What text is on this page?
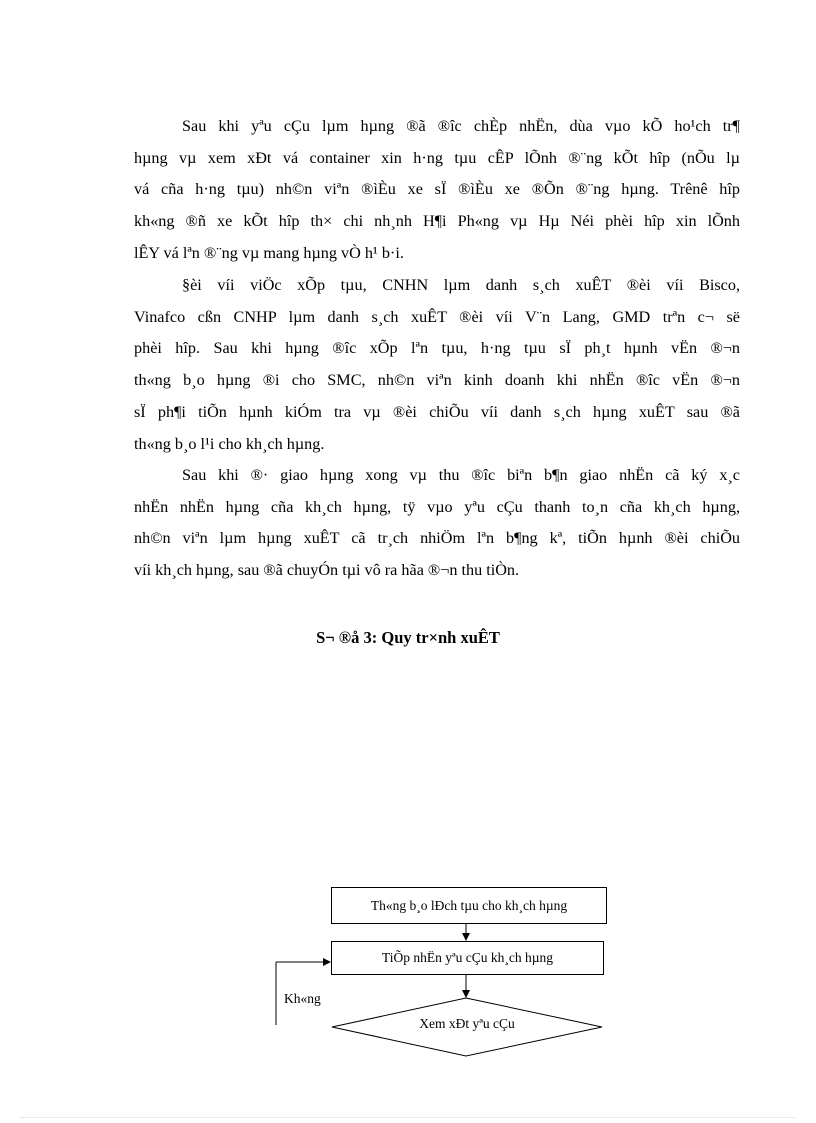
Sau khi yªu cÇu lµm hµng ®ã ®îc chÈp nhËn, dùa vµo kÕ ho¹ch tr¶
hµng vµ xem xÐt vá container xin h·ng tµu cÊP lÕnh ®¨ng kÕt hîp (nÕu lµ
vá cña h·ng tµu) nh©n viªn ®ìÈu xe sÏ ®ìÈu xe ®Õn ®¨ng hµng. Trênê hîp
kh«ng ®ñ xe kÕt hîp th× chi nh¸nh H¶i Ph«ng vµ Hµ Néi phèi hîp xin lÕnh
lÊY vá lªn ®¨ng vµ mang hµng vÒ h¹ b·i.
§èi víi viÖc xÕp tµu, CNHN lµm danh s¸ch xuÊT ®èi víi Bisco,
Vinafco cßn CNHP lµm danh s¸ch xuÊT ®èi víi V¨n Lang, GMD trªn c¬ së
phèi hîp. Sau khi hµng ®îc xÕp lªn tµu, h·ng tµu sÏ ph¸t hµnh vËn ®¬n
th«ng b¸o hµng ®i cho SMC, nh©n viªn kinh doanh khi nhËn ®îc vËn ®¬n
sÏ ph¶i tiÕn hµnh kiÓm tra vµ ®èi chiÕu víi danh s¸ch hµng xuÊT sau ®ã
th«ng b¸o l¹i cho kh¸ch hµng.
Sau khi ®· giao hµng xong vµ thu ®îc biªn b¶n giao nhËn cã ký x¸c
nhËn nhËn hµng cña kh¸ch hµng, tÿ vµo yªu cÇu thanh to¸n cña kh¸ch hµng,
nh©n viªn lµm hµng xuÊT cã tr¸ch nhiÖm lªn b¶ng kª, tiÕn hµnh ®èi chiÕu
víi kh¸ch hµng, sau ®ã chuyÓn tµi vô ra hãa ®¬n thu tiÒn.
S¬ ®å 3: Quy tr×nh xuÊT
Th«ng b¸o lÐch tµu cho kh¸ch hµng
TiÕp nhËn yªu cÇu kh¸ch hµng
Xem xÐt yªu cÇu
Kh«ng
